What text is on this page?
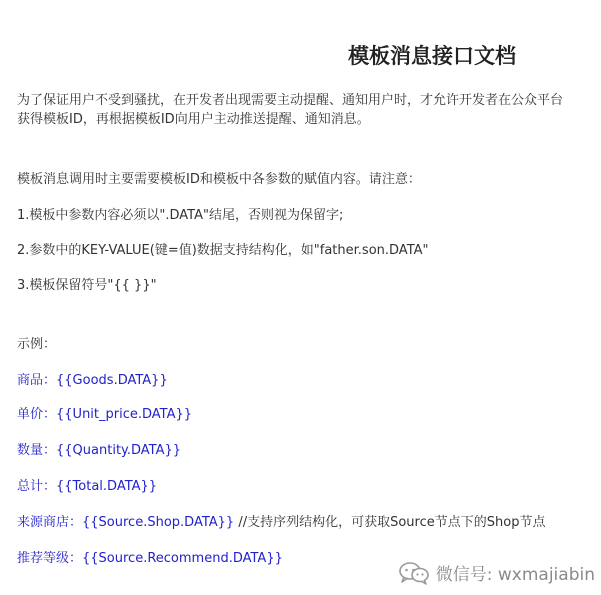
模板消息接口文档
为了保证用户不受到骚扰，在开发者出现需要主动提醒、通知用户时，才允许开发者在公众平台
获得模板ID，再根据模板ID向用户主动推送提醒、通知消息。
模板消息调用时主要需要模板ID和模板中各参数的赋值内容。请注意：
1.模板中参数内容必须以".DATA"结尾，否则视为保留字;
2.参数中的KEY-VALUE(键=值)数据支持结构化，如"father.son.DATA"
3.模板保留符号"{{ }}"
示例：
商品：{{Goods.DATA}}
单价：{{Unit_price.DATA}}
数量：{{Quantity.DATA}}
总计：{{Total.DATA}}
来源商店：{{Source.Shop.DATA}} //支持序列结构化，可获取Source节点下的Shop节点
推荐等级：{{Source.Recommend.DATA}}
微信号: wxmajiabin
